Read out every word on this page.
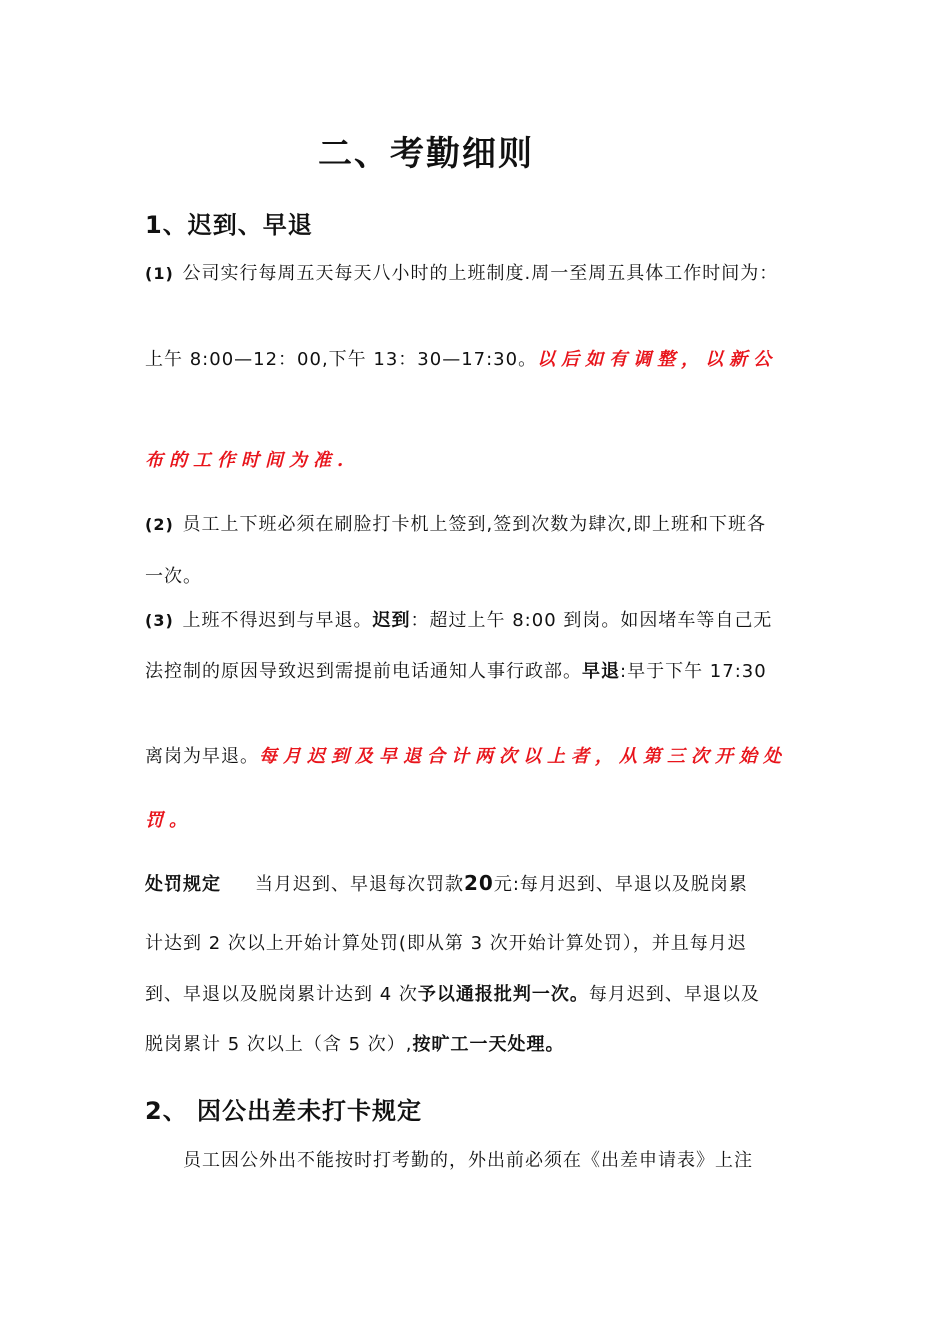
二、考勤细则
1、迟到、早退
(1) 公司实行每周五天每天八小时的上班制度.周一至周五具体工作时间为：
上午 8:00—12：00,下午 13：30—17:30。以后如有调整，以新公
布的工作时间为准.
(2) 员工上下班必须在刷脸打卡机上签到,签到次数为肆次,即上班和下班各
一次。
(3) 上班不得迟到与早退。迟到：超过上午 8:00 到岗。如因堵车等自己无
法控制的原因导致迟到需提前电话通知人事行政部。早退:早于下午 17:30
离岗为早退。每月迟到及早退合计两次以上者，从第三次开始处
罚。
处罚规定 当月迟到、早退每次罚款20元:每月迟到、早退以及脱岗累
计达到 2 次以上开始计算处罚(即从第 3 次开始计算处罚），并且每月迟
到、早退以及脱岗累计达到 4 次予以通报批判一次。每月迟到、早退以及
脱岗累计 5 次以上（含 5 次）,按旷工一天处理。
2、 因公出差未打卡规定
员工因公外出不能按时打考勤的，外出前必须在《出差申请表》上注
